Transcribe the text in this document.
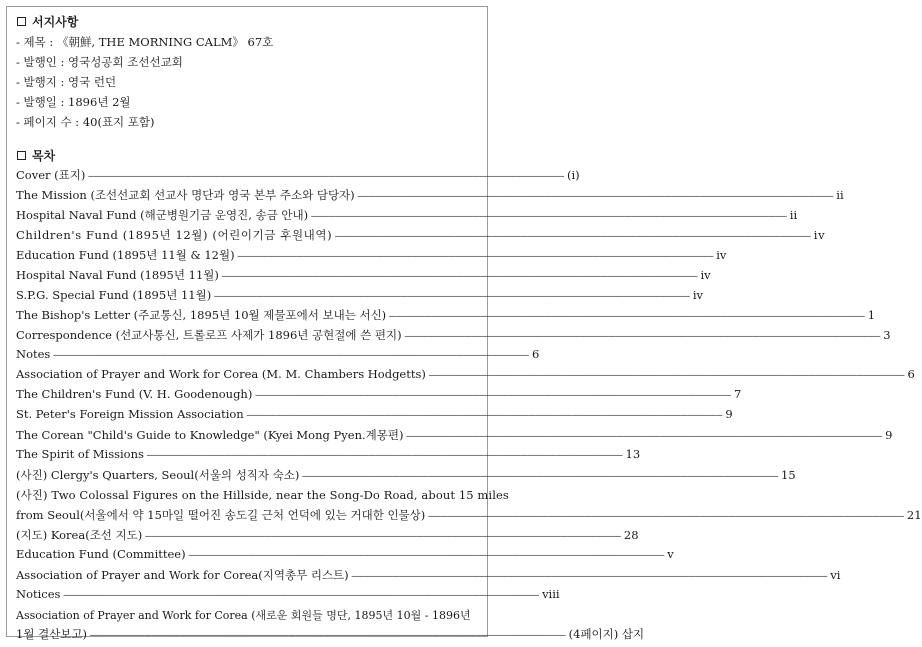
서지사항
- 제목 : 《朝鮮, THE MORNING CALM》 67호
- 발행인 : 영국성공회 조선선교회
- 발행지 : 영국 런던
- 발행일 : 1896년 2월
- 페이지 수 : 40(표지 포함)
목차
Cover (표지) —————	(i)
The Mission (조선선교회 선교사 명단과 영국 본부 주소와 담당자) —————	ii
Hospital Naval Fund (해군병원기금 운영진, 송금 안내) —————	ii
Children's Fund (1895년 12월) (어린이기금 후원내역) —————	iv
Education Fund (1895년 11월 & 12월) —————	iv
Hospital Naval Fund (1895년 11월) —————	iv
S.P.G. Special Fund (1895년 11월) —————	iv
The Bishop's Letter (주교통신, 1895년 10월 제물포에서 보내는 서신) —————	1
Correspondence (선교사통신, 트롤로프 사제가 1896년 공현절에 쓴 편지) —————	3
Notes —————	6
Association of Prayer and Work for Corea (M. M. Chambers Hodgetts) —————	6
The Children's Fund (V. H. Goodenough) —————	7
St. Peter's Foreign Mission Association —————	9
The Corean "Child's Guide to Knowledge" (Kyei Mong Pyen.계몽편) —————	9
The Spirit of Missions —————	13
(사진) Clergy's Quarters, Seoul(서울의 성직자 숙소) —————	15
(사진) Two Colossal Figures on the Hillside, near the Song-Do Road, about 15 miles
from Seoul(서울에서 약 15마일 떨어진 송도길 근처 언덕에 있는 거대한 인물상) —————	21
(지도) Korea(조선 지도) —————	28
Education Fund (Committee) —————	v
Association of Prayer and Work for Corea(지역총무 리스트) —————	vi
Notices —————	viii
Association of Prayer and Work for Corea (새로운 회원들 명단, 1895년 10월 - 1896년
1월 결산보고) —————	(4페이지) 삽지
